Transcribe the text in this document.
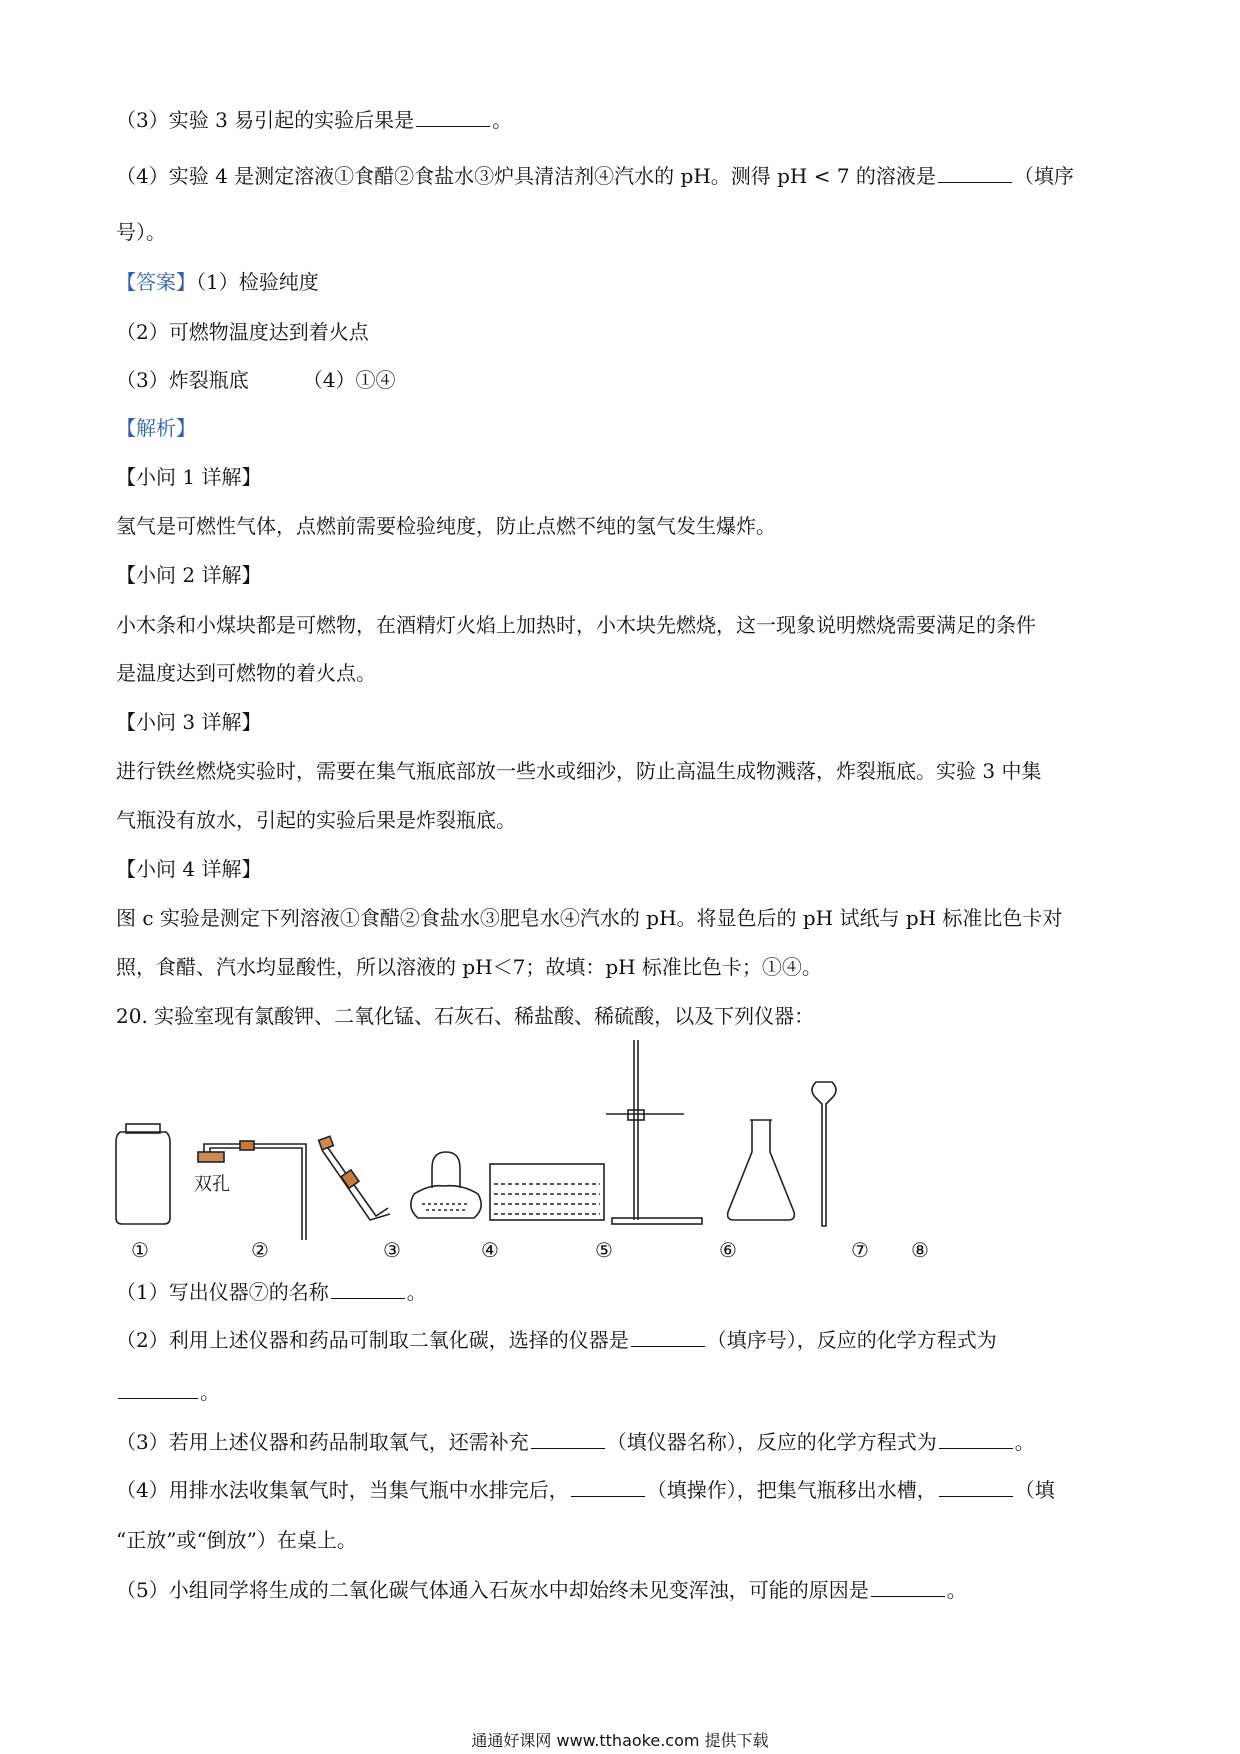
（3）实验 3 易引起的实验后果是	。
（4）实验 4 是测定溶液①食醋②食盐水③炉具清洁剂④汽水的 pH。测得 pH < 7 的溶液是	（填序
号）。
【答案】（1）检验纯度
（2）可燃物温度达到着火点
（3）炸裂瓶底	（4）①④
【解析】
【小问 1 详解】
氢气是可燃性气体，点燃前需要检验纯度，防止点燃不纯的氢气发生爆炸。
【小问 2 详解】
小木条和小煤块都是可燃物，在酒精灯火焰上加热时，小木块先燃烧，这一现象说明燃烧需要满足的条件
是温度达到可燃物的着火点。
【小问 3 详解】
进行铁丝燃烧实验时，需要在集气瓶底部放一些水或细沙，防止高温生成物溅落，炸裂瓶底。实验 3 中集
气瓶没有放水，引起的实验后果是炸裂瓶底。
【小问 4 详解】
图 c 实验是测定下列溶液①食醋②食盐水③肥皂水④汽水的 pH。将显色后的 pH 试纸与 pH 标准比色卡对
照，食醋、汽水均显酸性，所以溶液的 pH＜7；故填：pH 标准比色卡；①④。
20. 实验室现有氯酸钾、二氧化锰、石灰石、稀盐酸、稀硫酸，以及下列仪器：
双孔
①	②	③	④	⑤	⑥	⑦	⑧
（1）写出仪器⑦的名称	。
（2）利用上述仪器和药品可制取二氧化碳，选择的仪器是	（填序号），反应的化学方程式为
。
（3）若用上述仪器和药品制取氧气，还需补充	（填仪器名称），反应的化学方程式为	。
（4）用排水法收集氧气时，当集气瓶中水排完后，	（填操作），把集气瓶移出水槽，	（填
“正放”或“倒放”）在桌上。
（5）小组同学将生成的二氧化碳气体通入石灰水中却始终未见变浑浊，可能的原因是	。
通通好课网 www.tthaoke.com 提供下载
